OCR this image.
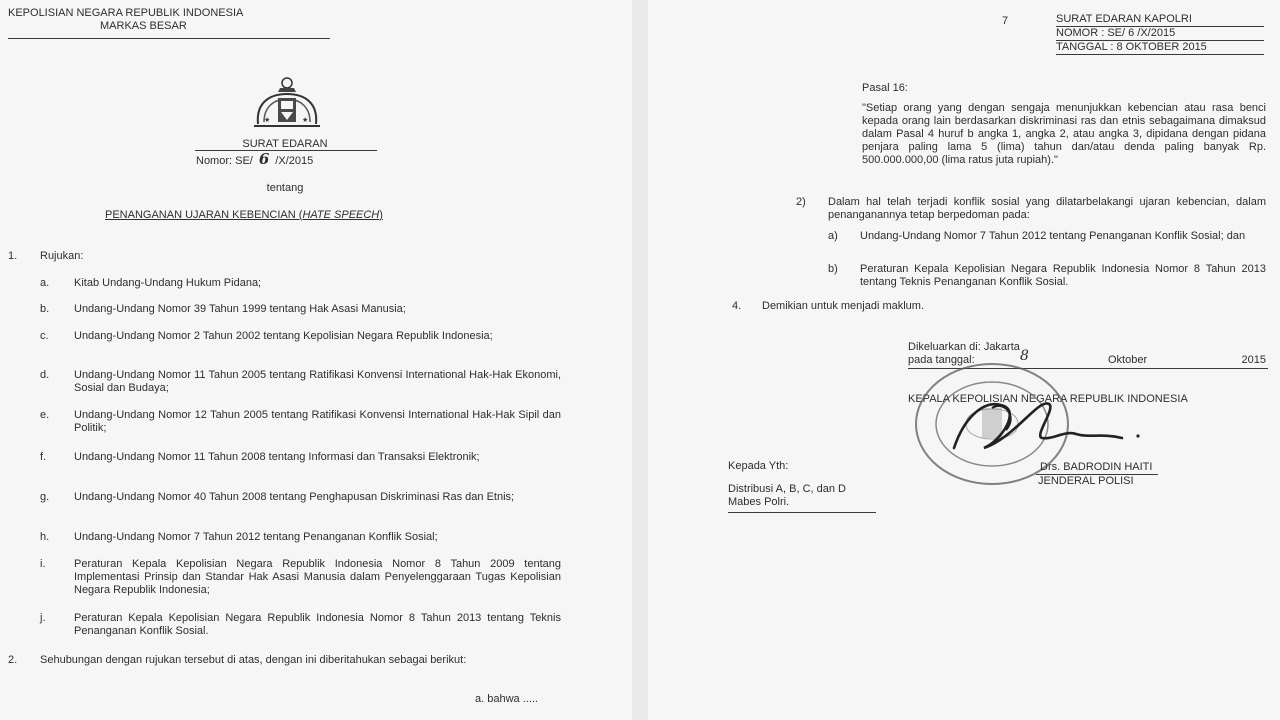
KEPOLISIAN NEGARA REPUBLIK INDONESIA
MARKAS BESAR
★
★
SURAT EDARAN
Nomor: SE/ 6 /X/2015
tentang
PENANGANAN UJARAN KEBENCIAN (HATE SPEECH)
1. Rujukan:
a. Kitab Undang-Undang Hukum Pidana;
b. Undang-Undang Nomor 39 Tahun 1999 tentang Hak Asasi Manusia;
c. Undang-Undang Nomor 2 Tahun 2002 tentang Kepolisian Negara Republik Indonesia;
d. Undang-Undang Nomor 11 Tahun 2005 tentang Ratifikasi Konvensi International Hak-Hak Ekonomi, Sosial dan Budaya;
e. Undang-Undang Nomor 12 Tahun 2005 tentang Ratifikasi Konvensi International Hak-Hak Sipil dan Politik;
f.	Undang-Undang Nomor 11 Tahun 2008 tentang Informasi dan Transaksi Elektronik;
g. Undang-Undang Nomor 40 Tahun 2008 tentang Penghapusan Diskriminasi Ras dan Etnis;
h. Undang-Undang Nomor 7 Tahun 2012 tentang Penanganan Konflik Sosial;
i.	Peraturan Kepala Kepolisian Negara Republik Indonesia Nomor 8 Tahun 2009 tentang Implementasi Prinsip dan Standar Hak Asasi Manusia dalam Penyelenggaraan Tugas Kepolisian Negara Republik Indonesia;
j.	Peraturan Kepala Kepolisian Negara Republik Indonesia Nomor 8 Tahun 2013 tentang Teknis Penanganan Konflik Sosial.
2. Sehubungan dengan rujukan tersebut di atas, dengan ini diberitahukan sebagai berikut:
a. bahwa .....
7	SURAT EDARAN KAPOLRI
NOMOR : SE/ 6 /X/2015
TANGGAL : 8 OKTOBER 2015
Pasal 16:
"Setiap orang yang dengan sengaja menunjukkan kebencian atau rasa benci kepada orang lain berdasarkan diskriminasi ras dan etnis sebagaimana dimaksud dalam Pasal 4 huruf b angka 1, angka 2, atau angka 3, dipidana dengan pidana penjara paling lama 5 (lima) tahun dan/atau denda paling banyak Rp. 500.000.000,00 (lima ratus juta rupiah)."
2) Dalam hal telah terjadi konflik sosial yang dilatarbelakangi ujaran kebencian, dalam penanganannya tetap berpedoman pada:
a) Undang-Undang Nomor 7 Tahun 2012 tentang Penanganan Konflik Sosial; dan
b) Peraturan Kepala Kepolisian Negara Republik Indonesia Nomor 8 Tahun 2013 tentang Teknis Penanganan Konflik Sosial.
4. Demikian untuk menjadi maklum.
Dikeluarkan di: Jakarta
pada tanggal:	8	Oktober	2015
KEPALA KEPOLISIAN NEGARA REPUBLIK INDONESIA
Drs. BADRODIN HAITI
JENDERAL POLISI
Kepada Yth:
Distribusi A, B, C, dan D
Mabes Polri.
